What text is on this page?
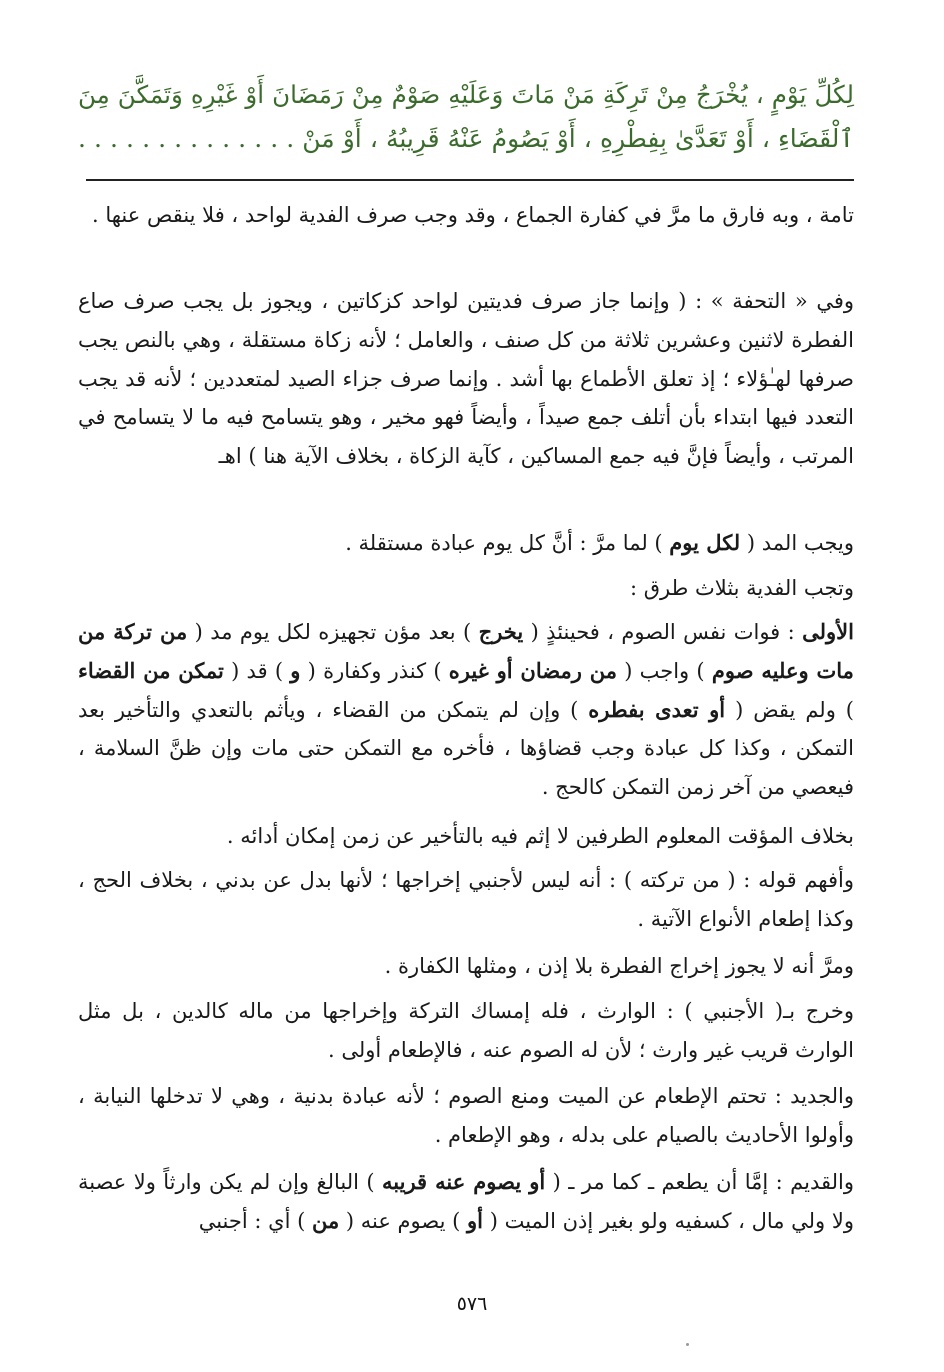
لِكُلِّ يَوْمٍ ، يُخْرَجُ مِنْ تَرِكَةِ مَنْ مَاتَ وَعَلَيْهِ صَوْمٌ مِنْ رَمَضَانَ أَوْ غَيْرِهِ وَتَمَكَّنَ مِنَ
ٱلْقَضَاءِ ، أَوْ تَعَدَّىٰ بِفِطْرِهِ ، أَوْ يَصُومُ عَنْهُ قَرِيبُهُ ، أَوْ مَنْ . . . . . . . . . . . . . .
تامة ، وبه فارق ما مرَّ في كفارة الجماع ، وقد وجب صرف الفدية لواحد ، فلا ينقص عنها .
وفي « التحفة » : ( وإنما جاز صرف فديتين لواحد كزكاتين ، ويجوز بل يجب صرف صاع الفطرة لاثنين وعشرين ثلاثة من كل صنف ، والعامل ؛ لأنه زكاة مستقلة ، وهي بالنص يجب صرفها لهـٰؤلاء ؛ إذ تعلق الأطماع بها أشد . وإنما صرف جزاء الصيد لمتعددين ؛ لأنه قد يجب التعدد فيها ابتداء بأن أتلف جمع صيداً ، وأيضاً فهو مخير ، وهو يتسامح فيه ما لا يتسامح في المرتب ، وأيضاً فإنَّ فيه جمع المساكين ، كآية الزكاة ، بخلاف الآية هنا ) اهـ
ويجب المد ( لكل يوم ) لما مرَّ : أنَّ كل يوم عبادة مستقلة .
وتجب الفدية بثلاث طرق :
الأولى : فوات نفس الصوم ، فحينئذٍ ( يخرج ) بعد مؤن تجهيزه لكل يوم مد ( من تركة من مات وعليه صوم ) واجب ( من رمضان أو غيره ) كنذر وكفارة ( و ) قد ( تمكن من القضاء ) ولم يقض ( أو تعدى بفطره ) وإن لم يتمكن من القضاء ، ويأثم بالتعدي والتأخير بعد التمكن ، وكذا كل عبادة وجب قضاؤها ، فأخره مع التمكن حتى مات وإن ظنَّ السلامة ، فيعصي من آخر زمن التمكن كالحج .
بخلاف المؤقت المعلوم الطرفين لا إثم فيه بالتأخير عن زمن إمكان أدائه .
وأفهم قوله : ( من تركته ) : أنه ليس لأجنبي إخراجها ؛ لأنها بدل عن بدني ، بخلاف الحج ، وكذا إطعام الأنواع الآتية .
ومرَّ أنه لا يجوز إخراج الفطرة بلا إذن ، ومثلها الكفارة .
وخرج بـ( الأجنبي ) : الوارث ، فله إمساك التركة وإخراجها من ماله كالدين ، بل مثل الوارث قريب غير وارث ؛ لأن له الصوم عنه ، فالإطعام أولى .
والجديد : تحتم الإطعام عن الميت ومنع الصوم ؛ لأنه عبادة بدنية ، وهي لا تدخلها النيابة ، وأولوا الأحاديث بالصيام على بدله ، وهو الإطعام .
والقديم : إمَّا أن يطعم ـ كما مر ـ ( أو يصوم عنه قريبه ) البالغ وإن لم يكن وارثاً ولا عصبة ولا ولي مال ، كسفيه ولو بغير إذن الميت ( أو ) يصوم عنه ( من ) أي : أجنبي
٥٧٦
